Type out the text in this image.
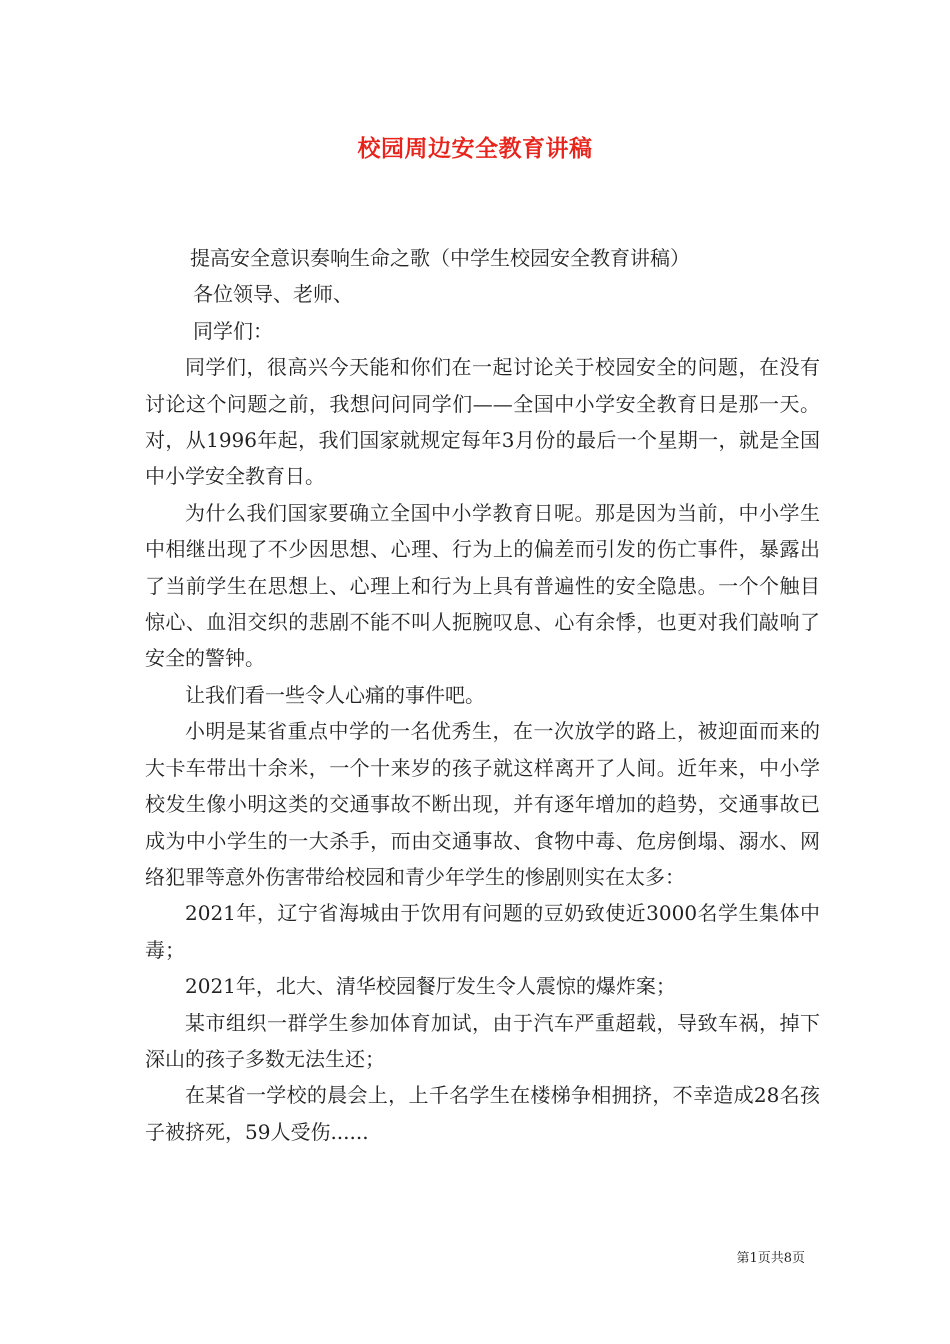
校园周边安全教育讲稿

提高安全意识奏响生命之歌（中学生校园安全教育讲稿）

各位领导、老师、

同学们：

同学们，很高兴今天能和你们在一起讨论关于校园安全的问题，在没有讨论这个问题之前，我想问问同学们——全国中小学安全教育日是那一天。对，从1996年起，我们国家就规定每年3月份的最后一个星期一，就是全国中小学安全教育日。

为什么我们国家要确立全国中小学教育日呢。那是因为当前，中小学生中相继出现了不少因思想、心理、行为上的偏差而引发的伤亡事件，暴露出了当前学生在思想上、心理上和行为上具有普遍性的安全隐患。一个个触目惊心、血泪交织的悲剧不能不叫人扼腕叹息、心有余悸，也更对我们敲响了安全的警钟。

让我们看一些令人心痛的事件吧。

小明是某省重点中学的一名优秀生，在一次放学的路上，被迎面而来的大卡车带出十余米，一个十来岁的孩子就这样离开了人间。近年来，中小学校发生像小明这类的交通事故不断出现，并有逐年增加的趋势，交通事故已成为中小学生的一大杀手，而由交通事故、食物中毒、危房倒塌、溺水、网络犯罪等意外伤害带给校园和青少年学生的惨剧则实在太多：

2021年，辽宁省海城由于饮用有问题的豆奶致使近3000名学生集体中毒；

2021年，北大、清华校园餐厅发生令人震惊的爆炸案；

某市组织一群学生参加体育加试，由于汽车严重超载，导致车祸，掉下深山的孩子多数无法生还；

在某省一学校的晨会上，上千名学生在楼梯争相拥挤，不幸造成28名孩子被挤死，59人受伤......

第1页共8页
